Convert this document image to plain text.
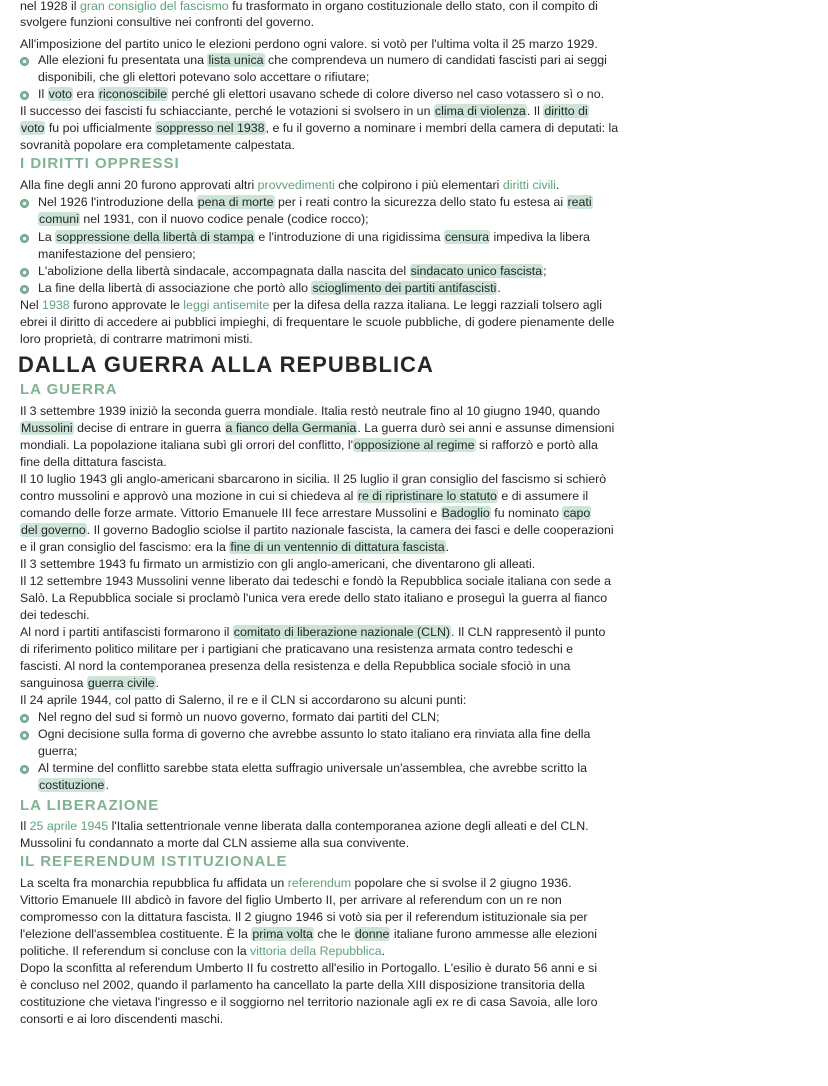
nel 1928 il gran consiglio del fascismo fu trasformato in organo costituzionale dello stato, con il compito di
svolgere funzioni consultive nei confronti del governo.
All'imposizione del partito unico le elezioni perdono ogni valore. si votò per l'ultima volta il 25 marzo 1929.
Alle elezioni fu presentata una lista unica che comprendeva un numero di candidati fascisti pari ai seggi
disponibili, che gli elettori potevano solo accettare o rifiutare;
Il voto era riconoscibile perché gli elettori usavano schede di colore diverso nel caso votassero sì o no.
Il successo dei fascisti fu schiacciante, perché le votazioni si svolsero in un clima di violenza. Il diritto di
voto fu poi ufficialmente soppresso nel 1938, e fu il governo a nominare i membri della camera di deputati: la
sovranità popolare era completamente calpestata.
I DIRITTI OPPRESSI
Alla fine degli anni 20 furono approvati altri provvedimenti che colpirono i più elementari diritti civili.
Nel 1926 l'introduzione della pena di morte per i reati contro la sicurezza dello stato fu estesa ai reati
comuni nel 1931, con il nuovo codice penale (codice rocco);
La soppressione della libertà di stampa e l'introduzione di una rigidissima censura impediva la libera
manifestazione del pensiero;
L'abolizione della libertà sindacale, accompagnata dalla nascita del sindacato unico fascista;
La fine della libertà di associazione che portò allo scioglimento dei partiti antifascisti.
Nel 1938 furono approvate le leggi antisemite per la difesa della razza italiana. Le leggi razziali tolsero agli
ebrei il diritto di accedere ai pubblici impieghi, di frequentare le scuole pubbliche, di godere pienamente delle
loro proprietà, di contrarre matrimoni misti.
DALLA GUERRA ALLA REPUBBLICA
LA GUERRA
Il 3 settembre 1939 iniziò la seconda guerra mondiale. Italia restò neutrale fino al 10 giugno 1940, quando
Mussolini decise di entrare in guerra a fianco della Germania. La guerra durò sei anni e assunse dimensioni
mondiali. La popolazione italiana subì gli orrori del conflitto, l'opposizione al regime si rafforzò e portò alla
fine della dittatura fascista.
Il 10 luglio 1943 gli anglo-americani sbarcarono in sicilia. Il 25 luglio il gran consiglio del fascismo si schierò
contro mussolini e approvò una mozione in cui si chiedeva al re di ripristinare lo statuto e di assumere il
comando delle forze armate. Vittorio Emanuele III fece arrestare Mussolini e Badoglio fu nominato capo
del governo. Il governo Badoglio sciolse il partito nazionale fascista, la camera dei fasci e delle cooperazioni
e il gran consiglio del fascismo: era la fine di un ventennio di dittatura fascista.
Il 3 settembre 1943 fu firmato un armistizio con gli anglo-americani, che diventarono gli alleati.
Il 12 settembre 1943 Mussolini venne liberato dai tedeschi e fondò la Repubblica sociale italiana con sede a
Salò. La Repubblica sociale si proclamò l'unica vera erede dello stato italiano e proseguì la guerra al fianco
dei tedeschi.
Al nord i partiti antifascisti formarono il comitato di liberazione nazionale (CLN). Il CLN rappresentò il punto
di riferimento politico militare per i partigiani che praticavano una resistenza armata contro tedeschi e
fascisti. Al nord la contemporanea presenza della resistenza e della Repubblica sociale sfociò in una
sanguinosa guerra civile.
Il 24 aprile 1944, col patto di Salerno, il re e il CLN si accordarono su alcuni punti:
Nel regno del sud si formò un nuovo governo, formato dai partiti del CLN;
Ogni decisione sulla forma di governo che avrebbe assunto lo stato italiano era rinviata alla fine della
guerra;
Al termine del conflitto sarebbe stata eletta suffragio universale un'assemblea, che avrebbe scritto la
costituzione.
LA LIBERAZIONE
Il 25 aprile 1945 l'Italia settentrionale venne liberata dalla contemporanea azione degli alleati e del CLN.
Mussolini fu condannato a morte dal CLN assieme alla sua convivente.
IL REFERENDUM ISTITUZIONALE
La scelta fra monarchia repubblica fu affidata un referendum popolare che si svolse il 2 giugno 1936.
Vittorio Emanuele III abdicò in favore del figlio Umberto II, per arrivare al referendum con un re non
compromesso con la dittatura fascista. Il 2 giugno 1946 si votò sia per il referendum istituzionale sia per
l'elezione dell'assemblea costituente. È la prima volta che le donne italiane furono ammesse alle elezioni
politiche. Il referendum si concluse con la vittoria della Repubblica.
Dopo la sconfitta al referendum Umberto II fu costretto all'esilio in Portogallo. L'esilio è durato 56 anni e si
è concluso nel 2002, quando il parlamento ha cancellato la parte della XIII disposizione transitoria della
costituzione che vietava l'ingresso e il soggiorno nel territorio nazionale agli ex re di casa Savoia, alle loro
consorti e ai loro discendenti maschi.
